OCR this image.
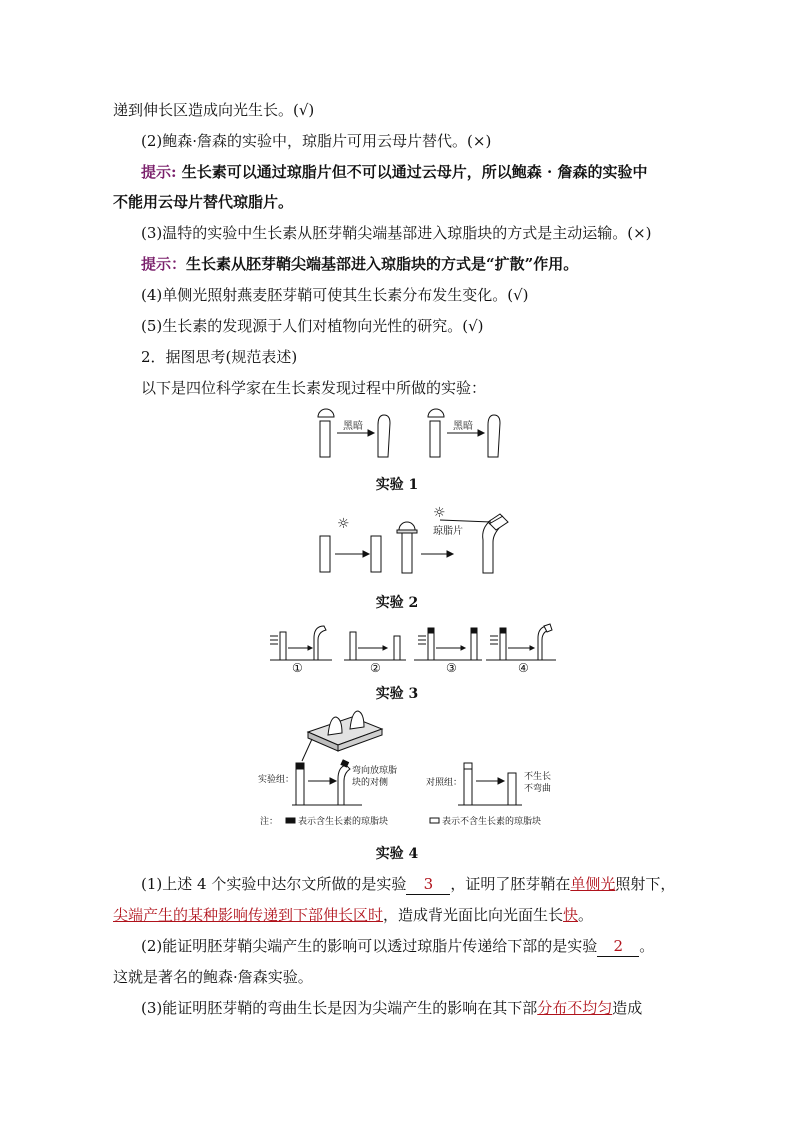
递到伸长区造成向光生长。(√)
(2)鲍森·詹森的实验中，琼脂片可用云母片替代。(×)
提示: 生长素可以通过琼脂片但不可以通过云母片，所以鲍森 · 詹森的实验中
不能用云母片替代琼脂片。
(3)温特的实验中生长素从胚芽鞘尖端基部进入琼脂块的方式是主动运输。(×)
提示：生长素从胚芽鞘尖端基部进入琼脂块的方式是“扩散”作用。
(4)单侧光照射燕麦胚芽鞘可使其生长素分布发生变化。(√)
(5)生长素的发现源于人们对植物向光性的研究。(√)
2．据图思考(规范表述)
以下是四位科学家在生长素发现过程中所做的实验：
黑暗	黑暗
实验 1
☼
☼
琼脂片
实验 2
①	②	③	④
实验 3
实验组：
弯向放琼脂
块的对侧	对照组：
不生长
不弯曲
注： 表示含生长素的琼脂块	表示不含生长素的琼脂块
实验 4
(1)上述 4 个实验中达尔文所做的是实验 3 ，证明了胚芽鞘在单侧光照射下，
尖端产生的某种影响传递到下部伸长区时，造成背光面比向光面生长快。
(2)能证明胚芽鞘尖端产生的影响可以透过琼脂片传递给下部的是实验 2 。
这就是著名的鲍森·詹森实验。
(3)能证明胚芽鞘的弯曲生长是因为尖端产生的影响在其下部分布不均匀造成
